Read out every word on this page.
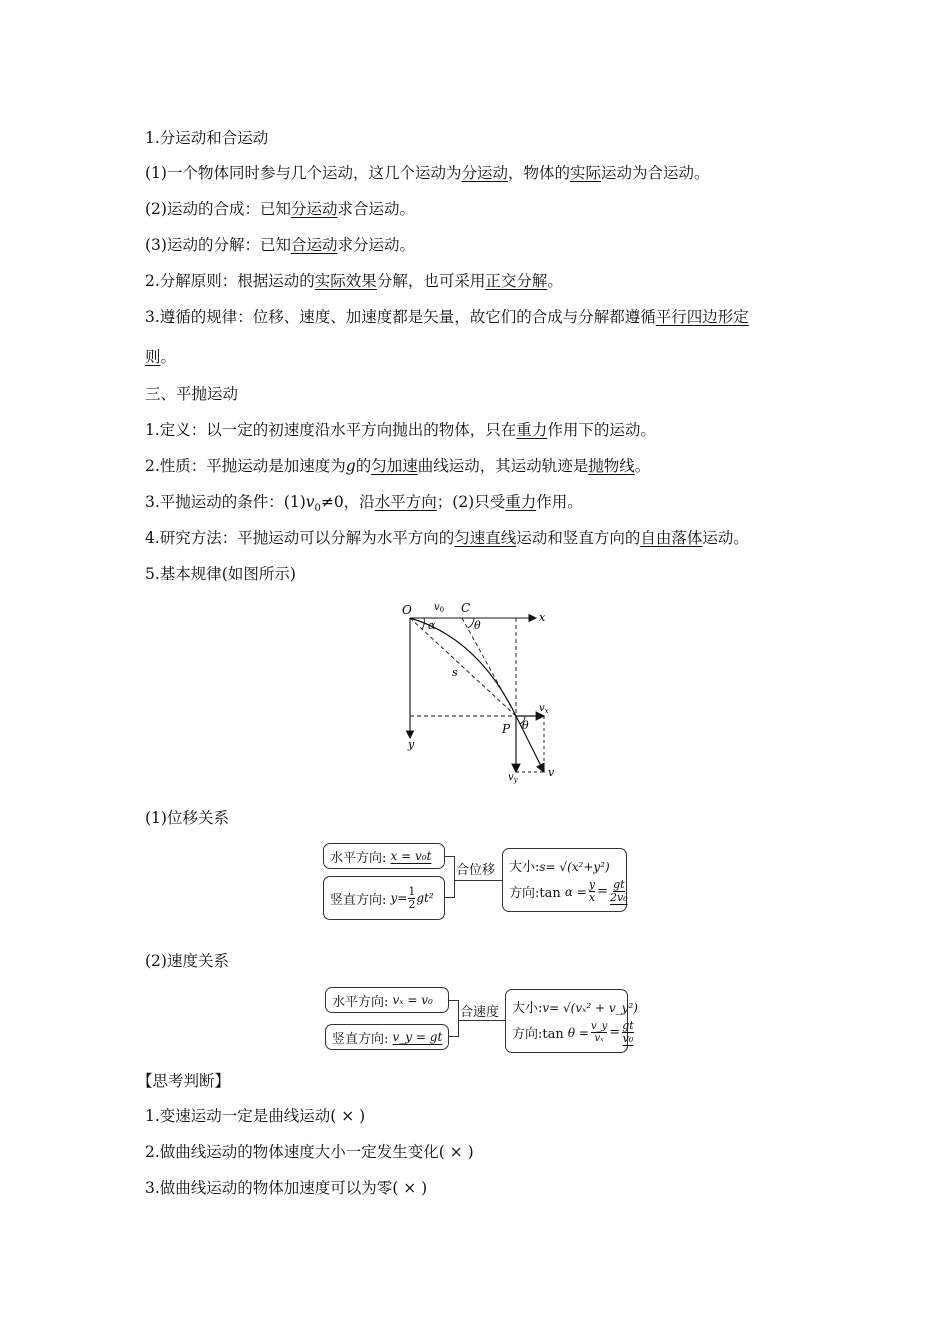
1.分运动和合运动
(1)一个物体同时参与几个运动，这几个运动为分运动，物体的实际运动为合运动。
(2)运动的合成：已知分运动求合运动。
(3)运动的分解：已知合运动求分运动。
2.分解原则：根据运动的实际效果分解，也可采用正交分解。
3.遵循的规律：位移、速度、加速度都是矢量，故它们的合成与分解都遵循平行四边形定
则。
三、平抛运动
1.定义：以一定的初速度沿水平方向抛出的物体，只在重力作用下的运动。
2.性质：平抛运动是加速度为g的匀加速曲线运动，其运动轨迹是抛物线。
3.平抛运动的条件：$(1)v_0\ne 0$，沿水平方向；(2)只受重力作用。
4.研究方法：平抛运动可以分解为水平方向的匀速直线运动和竖直方向的自由落体运动。
5.基本规律(如图所示)
O $v_0$ C
x
α	θ
s
$v_x$
P θ
y
$v_y$
v
(1)位移关系
水平方向:
x = v₀t
竖直方向:
$y= \frac{1}{2} gt^2$
合位移	大小:s= √(x²+y²)
方向:tan
$\alpha = \frac{y}{x} = \frac{gt}{\text{2v₀}}$
(2)速度关系
水平方向:
vₓ = v₀
竖直方向:
v_y = gt
合速度 大小:v= √(vₓ² + v_y²)
方向:tan
$\theta = \frac{v\_y}{\text{vₓ}} = \frac{gt}{\text{v₀}}$
【思考判断】
1.变速运动一定是曲线运动( × )
2.做曲线运动的物体速度大小一定发生变化( × )
3.做曲线运动的物体加速度可以为零( × )
